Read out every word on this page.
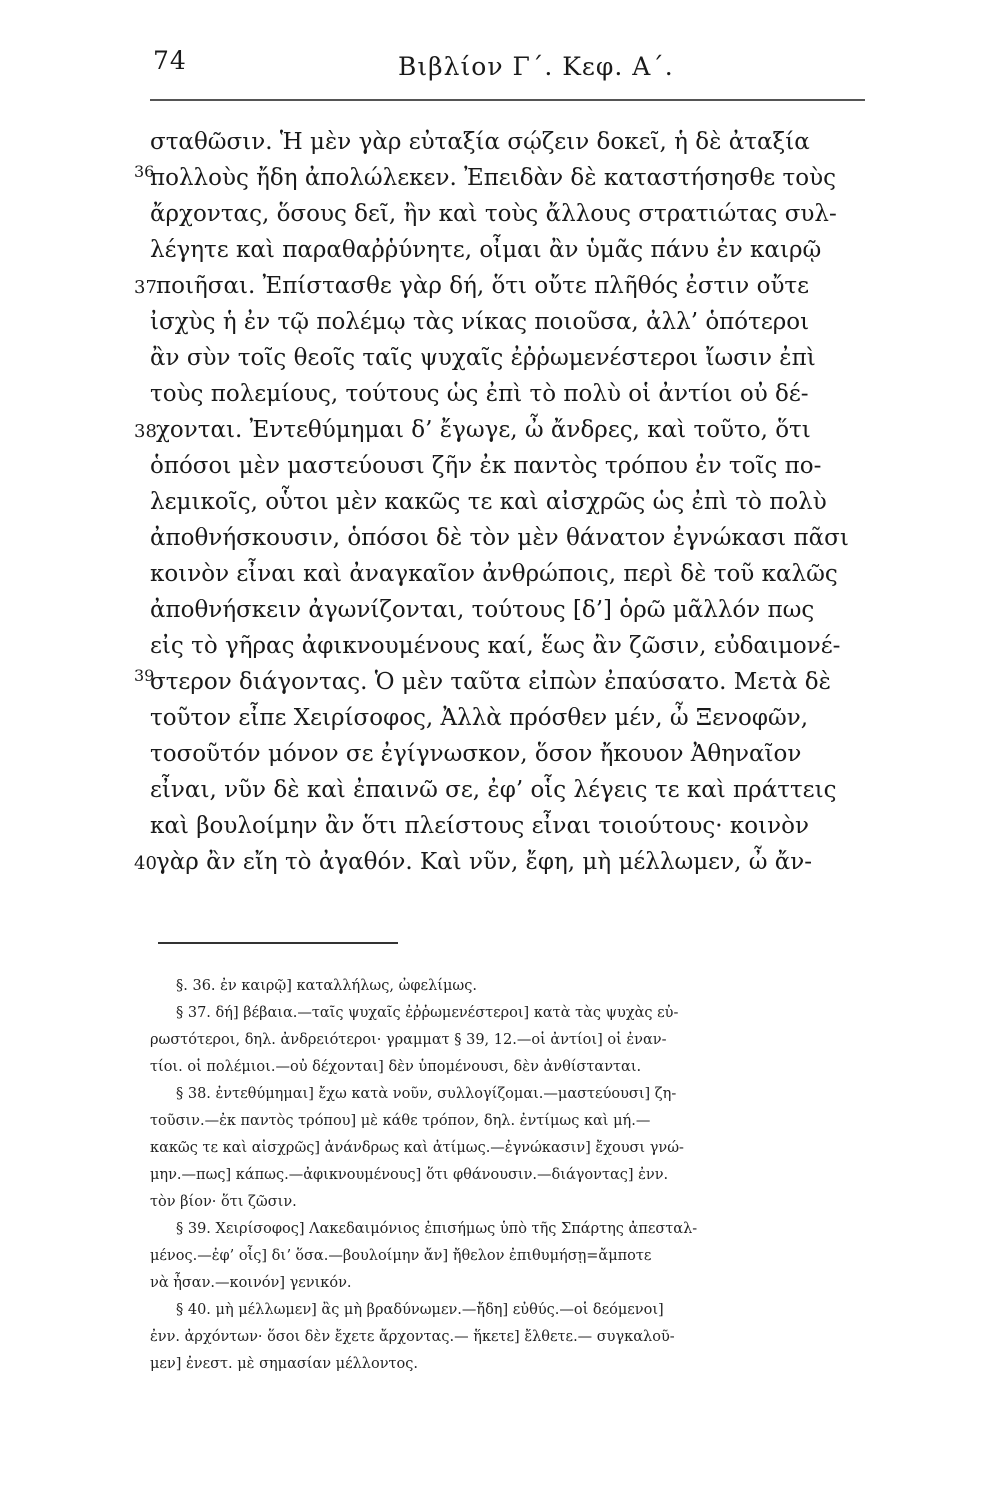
74	Βιβλίον Γ΄. Κεφ. Α΄.
σταθῶσιν. Ἡ μὲν γὰρ εὐταξία σῴζειν δοκεῖ, ἡ δὲ ἀταξία
36
πολλοὺς ἤδη ἀπολώλεκεν. Ἐπειδὰν δὲ καταστήσησθε τοὺς
ἄρχοντας, ὅσους δεῖ, ἢν καὶ τοὺς ἄλλους στρατιώτας συλ-
λέγητε καὶ παραθαῤῥύνητε, οἶμαι ἂν ὑμᾶς πάνυ ἐν καιρῷ
37 ποιῆσαι. Ἐπίστασθε γὰρ δή, ὅτι οὔτε πλῆθός ἐστιν οὔτε
ἰσχὺς ἡ ἐν τῷ πολέμῳ τὰς νίκας ποιοῦσα, ἀλλ’ ὁπότεροι
ἂν σὺν τοῖς θεοῖς ταῖς ψυχαῖς ἐῤῥωμενέστεροι ἴωσιν ἐπὶ
τοὺς πολεμίους, τούτους ὡς ἐπὶ τὸ πολὺ οἱ ἀντίοι οὐ δέ-
38 χονται. Ἐντεθύμημαι δ’ ἔγωγε, ὦ ἄνδρες, καὶ τοῦτο, ὅτι
ὁπόσοι μὲν μαστεύουσι ζῆν ἐκ παντὸς τρόπου ἐν τοῖς πο-
λεμικοῖς, οὗτοι μὲν κακῶς τε καὶ αἰσχρῶς ὡς ἐπὶ τὸ πολὺ
ἀποθνήσκουσιν, ὁπόσοι δὲ τὸν μὲν θάνατον ἐγνώκασι πᾶσι
κοινὸν εἶναι καὶ ἀναγκαῖον ἀνθρώποις, περὶ δὲ τοῦ καλῶς
ἀποθνήσκειν ἀγωνίζονται, τούτους [δ’] ὁρῶ μᾶλλόν πως
εἰς τὸ γῆρας ἀφικνουμένους καί, ἕως ἂν ζῶσιν, εὐδαιμονέ-
39
στερον διάγοντας. Ὁ μὲν ταῦτα εἰπὼν ἐπαύσατο. Μετὰ δὲ
τοῦτον εἶπε Χειρίσοφος, Ἀλλὰ πρόσθεν μέν, ὦ Ξενοφῶν,
τοσοῦτόν μόνον σε ἐγίγνωσκον, ὅσον ἤκουον Ἀθηναῖον
εἶναι, νῦν δὲ καὶ ἐπαινῶ σε, ἐφ’ οἷς λέγεις τε καὶ πράττεις
καὶ βουλοίμην ἂν ὅτι πλείστους εἶναι τοιούτους· κοινὸν
40 γὰρ ἂν εἴη τὸ ἀγαθόν. Καὶ νῦν, ἔφη, μὴ μέλλωμεν, ὦ ἄν-
§. 36. ἐν καιρῷ] καταλλήλως, ὠφελίμως.
§ 37. δή] βέβαια.—ταῖς ψυχαῖς ἐῤῥωμενέστεροι] κατὰ τὰς ψυχὰς εὐ-
ρωστότεροι, δηλ. ἀνδρειότεροι· γραμματ § 39, 12.—οἱ ἀντίοι] οἱ ἐναν-
τίοι. οἱ πολέμιοι.—οὐ δέχονται] δὲν ὑπομένουσι, δὲν ἀνθίστανται.
§ 38. ἐντεθύμημαι] ἔχω κατὰ νοῦν, συλλογίζομαι.—μαστεύουσι] ζη-
τοῦσιν.—ἐκ παντὸς τρόπου] μὲ κάθε τρόπον, δηλ. ἐντίμως καὶ μή.—
κακῶς τε καὶ αἰσχρῶς] ἀνάνδρως καὶ ἀτίμως.—ἐγνώκασιν] ἔχουσι γνώ-
μην.—πως] κάπως.—ἀφικνουμένους] ὅτι φθάνουσιν.—διάγοντας] ἐνν.
τὸν βίον· ὅτι ζῶσιν.
§ 39. Χειρίσοφος] Λακεδαιμόνιος ἐπισήμως ὑπὸ τῆς Σπάρτης ἀπεσταλ-
μένος.—ἐφ’ οἷς] διʼ ὅσα.—βουλοίμην ἄν] ἤθελον ἐπιθυμήσῃ=ἄμποτε
νὰ ἦσαν.—κοινόν] γενικόν.
§ 40. μὴ μέλλωμεν] ἂς μὴ βραδύνωμεν.—ἤδη] εὐθύς.—οἱ δεόμενοι]
ἐνν. ἀρχόντων· ὅσοι δὲν ἔχετε ἄρχοντας.— ἥκετε] ἔλθετε.— συγκαλοῦ-
μεν] ἐνεστ. μὲ σημασίαν μέλλοντος.
